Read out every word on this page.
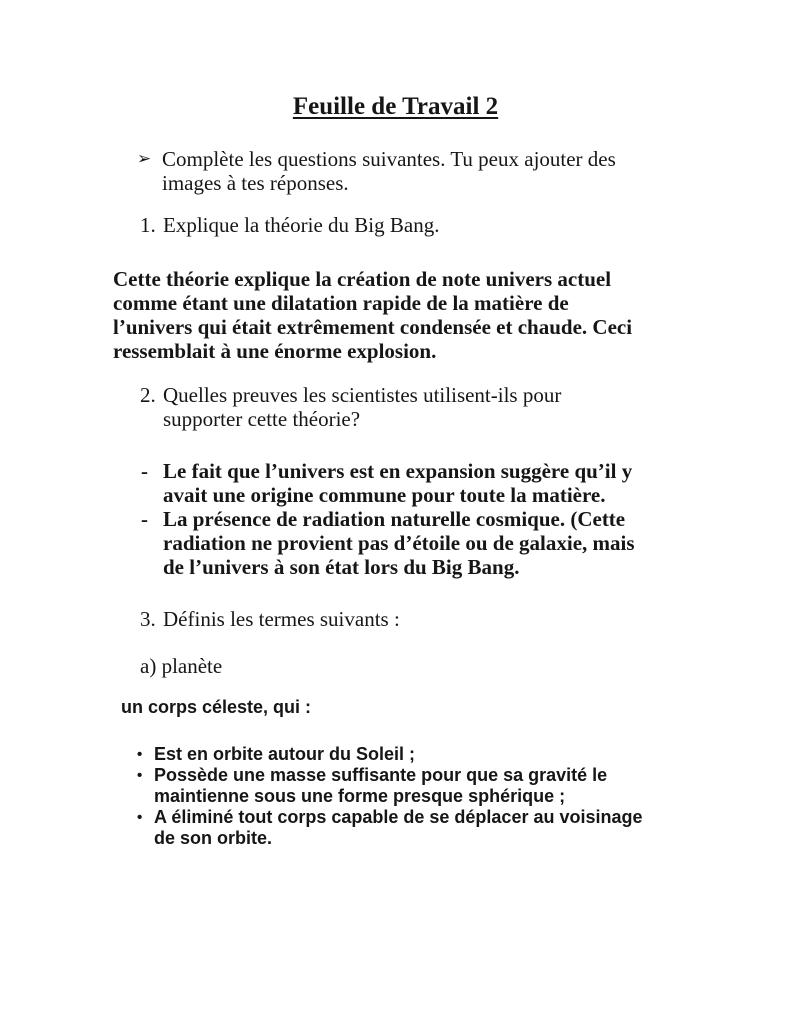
Feuille de Travail 2
➢ Complète les questions suivantes. Tu peux ajouter des
images à tes réponses.
1. Explique la théorie du Big Bang.
Cette théorie explique la création de note univers actuel
comme étant une dilatation rapide de la matière de
l’univers qui était extrêmement condensée et chaude. Ceci
ressemblait à une énorme explosion.
2. Quelles preuves les scientistes utilisent-ils pour
supporter cette théorie?
- Le fait que l’univers est en expansion suggère qu’il y
avait une origine commune pour toute la matière.
- La présence de radiation naturelle cosmique. (Cette
radiation ne provient pas d’étoile ou de galaxie, mais
de l’univers à son état lors du Big Bang.
3. Définis les termes suivants :
a) planète
un corps céleste, qui :
• Est en orbite autour du Soleil ;
• Possède une masse suffisante pour que sa gravité le
maintienne sous une forme presque sphérique ;
• A éliminé tout corps capable de se déplacer au voisinage
de son orbite.
